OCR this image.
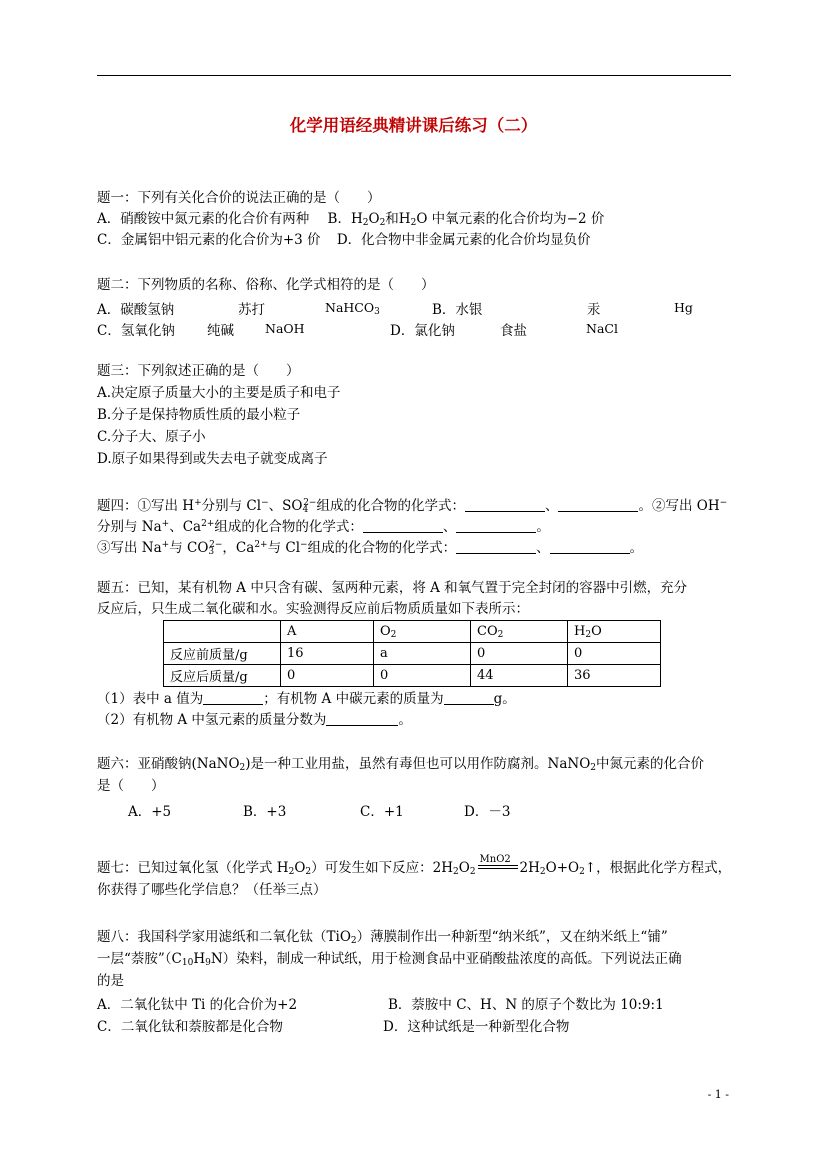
化学用语经典精讲课后练习（二）
题一：下列有关化合价的说法正确的是（　　）
A．硝酸铵中氮元素的化合价有两种 B．$H_2O_2$和$H_2O$ 中氧元素的化合价均为−2 价
C．金属铝中铝元素的化合价为+3 价 D．化合物中非金属元素的化合价均显负价
题二：下列物质的名称、俗称、化学式相符的是（　　）
A．碳酸氢钠	苏打	NaHCO$_3$	B．水银	汞	Hg
C．氢氧化钠 纯碱 NaOH	D．氯化钠	食盐	NaCl
题三：下列叙述正确的是（　　）
A.决定原子质量大小的主要是质子和电子
B.分子是保持物质性质的最小粒子
C.分子大、原子小
D.原子如果得到或失去电子就变成离子
题四：①写出 H+分别与 Cl−、$SO_4^{2-}$组成的化合物的化学式：	、	。②写出 OH−
分别与 Na+、$Ca^{2+}$组成的化合物的化学式：	、	。
③写出 Na+与 $CO_3^{2-}$，$Ca^{2+}$与 Cl−组成的化合物的化学式：	、	。
题五：已知，某有机物 A 中只含有碳、氢两种元素，将 A 和氧气置于完全封闭的容器中引燃，充分
反应后，只生成二氧化碳和水。实验测得反应前后物质质量如下表所示：
	A	$O_2$	$CO_2$	$H_2O$
反应前质量/g	16	a	0	0
反应后质量/g	0	0	44	36
（1）表中 a 值为	；有机物 A 中碳元素的质量为	g。
（2）有机物 A 中氢元素的质量分数为	。
题六：亚硝酸钠(NaNO$_2$)是一种工业用盐，虽然有毒但也可以用作防腐剂。NaNO$_2$中氮元素的化合价
是（　　）
A．+5	B．+3	C．+1	D．－3
题七：已知过氧化氢（化学式 $H_2O_2$）可发生如下反应：$2H_2O_2$
MnO2
$2H_2O+O_2↑$，根据此化学方程式，
你获得了哪些化学信息？（任举三点）
题八：我国科学家用滤纸和二氧化钛（TiO$_2$）薄膜制作出一种新型“纳米纸”，又在纳米纸上“铺”
一层“萘胺$”(C_{10}H_9N)$染料，制成一种试纸，用于检测食品中亚硝酸盐浓度的高低。下列说法正确
的是
A．二氧化钛中 Ti 的化合价为+2	B．萘胺中 C、H、N 的原子个数比为 10:9:1
C．二氧化钛和萘胺都是化合物	D．这种试纸是一种新型化合物
- 1 -
